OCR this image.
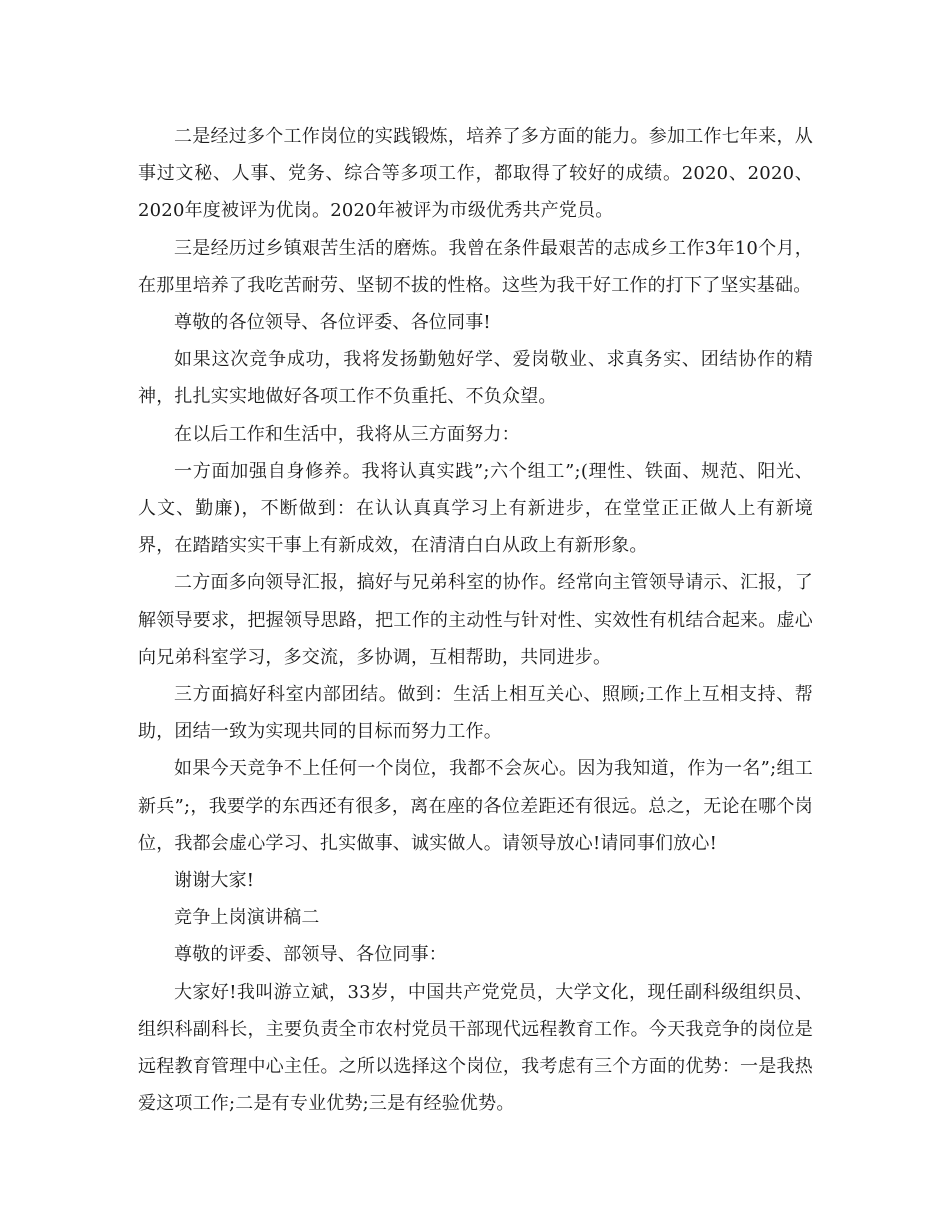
二是经过多个工作岗位的实践锻炼，培养了多方面的能力。参加工作七年来，从事过文秘、人事、党务、综合等多项工作，都取得了较好的成绩。2020、2020、2020年度被评为优岗。2020年被评为市级优秀共产党员。

三是经历过乡镇艰苦生活的磨炼。我曾在条件最艰苦的志成乡工作3年10个月，在那里培养了我吃苦耐劳、坚韧不拔的性格。这些为我干好工作的打下了坚实基础。

尊敬的各位领导、各位评委、各位同事!

如果这次竞争成功，我将发扬勤勉好学、爱岗敬业、求真务实、团结协作的精神，扎扎实实地做好各项工作不负重托、不负众望。

在以后工作和生活中，我将从三方面努力：

一方面加强自身修养。我将认真实践”;六个组工”;(理性、铁面、规范、阳光、人文、勤廉)，不断做到：在认认真真学习上有新进步，在堂堂正正做人上有新境界，在踏踏实实干事上有新成效，在清清白白从政上有新形象。

二方面多向领导汇报，搞好与兄弟科室的协作。经常向主管领导请示、汇报，了解领导要求，把握领导思路，把工作的主动性与针对性、实效性有机结合起来。虚心向兄弟科室学习，多交流，多协调，互相帮助，共同进步。

三方面搞好科室内部团结。做到：生活上相互关心、照顾;工作上互相支持、帮助，团结一致为实现共同的目标而努力工作。

如果今天竞争不上任何一个岗位，我都不会灰心。因为我知道，作为一名”;组工新兵”;，我要学的东西还有很多，离在座的各位差距还有很远。总之，无论在哪个岗位，我都会虚心学习、扎实做事、诚实做人。请领导放心!请同事们放心!

谢谢大家!

竞争上岗演讲稿二

尊敬的评委、部领导、各位同事：

大家好!我叫游立斌，33岁，中国共产党党员，大学文化，现任副科级组织员、组织科副科长，主要负责全市农村党员干部现代远程教育工作。今天我竞争的岗位是远程教育管理中心主任。之所以选择这个岗位，我考虑有三个方面的优势：一是我热爱这项工作;二是有专业优势;三是有经验优势。
